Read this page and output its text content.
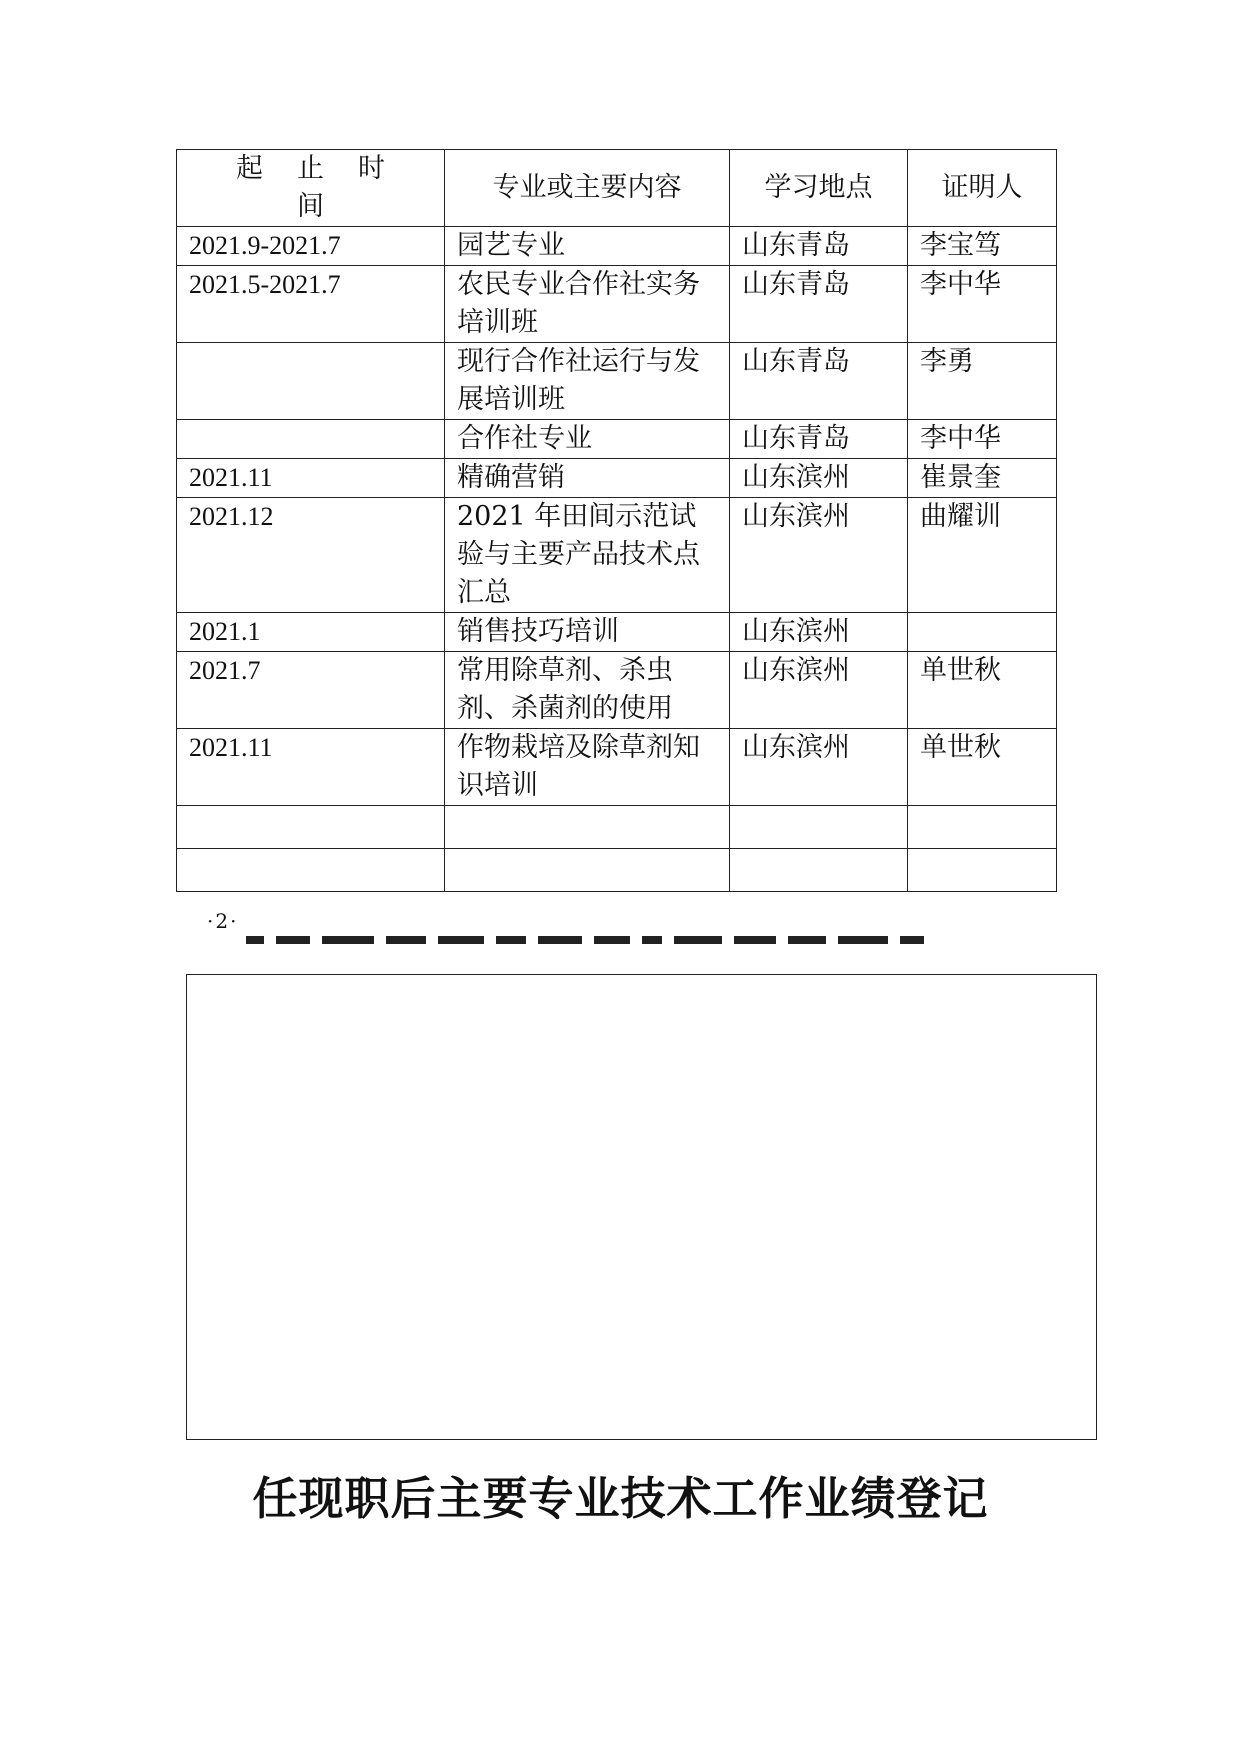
起止时间	专业或主要内容	学习地点	证明人
2021.9-2021.7	园艺专业	山东青岛	李宝笃
2021.5-2021.7	农民专业合作社实务培训班	山东青岛	李中华
	现行合作社运行与发展培训班	山东青岛	李勇
	合作社专业	山东青岛	李中华
2021.11	精确营销	山东滨州	崔景奎
2021.12	2021 年田间示范试验与主要产品技术点汇总	山东滨州	曲耀训
2021.1	销售技巧培训	山东滨州	
2021.7	常用除草剂、杀虫剂、杀菌剂的使用	山东滨州	单世秋
2021.11	作物栽培及除草剂知识培训	山东滨州	单世秋

·2·
任现职后主要专业技术工作业绩登记
